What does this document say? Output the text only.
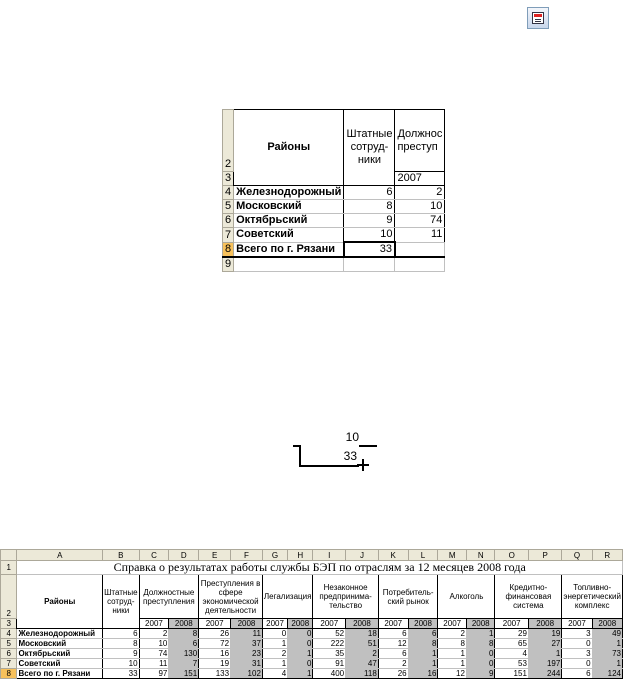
2	Районы	Штатные сотруд-ники	Должнос преступ
3			2007
4	Железнодорожный	6	2
5	Московский	8	10
6	Октябрьский	9	74
7	Советский	10	11
8	Всего по г. Рязани	33	
9			
10
33
	A	B	C	D	E	F	G	H	I	J	K	L	M	N	O	P	Q	R
1	Справка о результатах работы службы БЭП по отраслям за 12 месяцев 2008 года																	
2	Районы	Штатные сотруд-ники	Должностные преступления		Преступления в сфере экономической деятельности		Легализация		Незаконное предпринима-тельство		Потребитель-ский рынок		Алкоголь		Кредитно-финансовая система		Топливно-энергетический комплекс	
3			2007	2008	2007	2008	2007	2008	2007	2008	2007	2008	2007	2008	2007	2008	2007	2008
4	Железнодорожный	6	2	8	26	11	0	0	52	18	6	6	2	1	29	19	3	49
5	Московский	8	10	6	72	37	1	0	222	51	12	8	8	8	65	27	0	1
6	Октябрьский	9	74	130	16	23	2	1	35	2	6	1	1	0	4	1	3	73
7	Советский	10	11	7	19	31	1	0	91	47	2	1	1	0	53	197	0	1
8	Всего по г. Рязани	33	97	151	133	102	4	1	400	118	26	16	12	9	151	244	6	124
